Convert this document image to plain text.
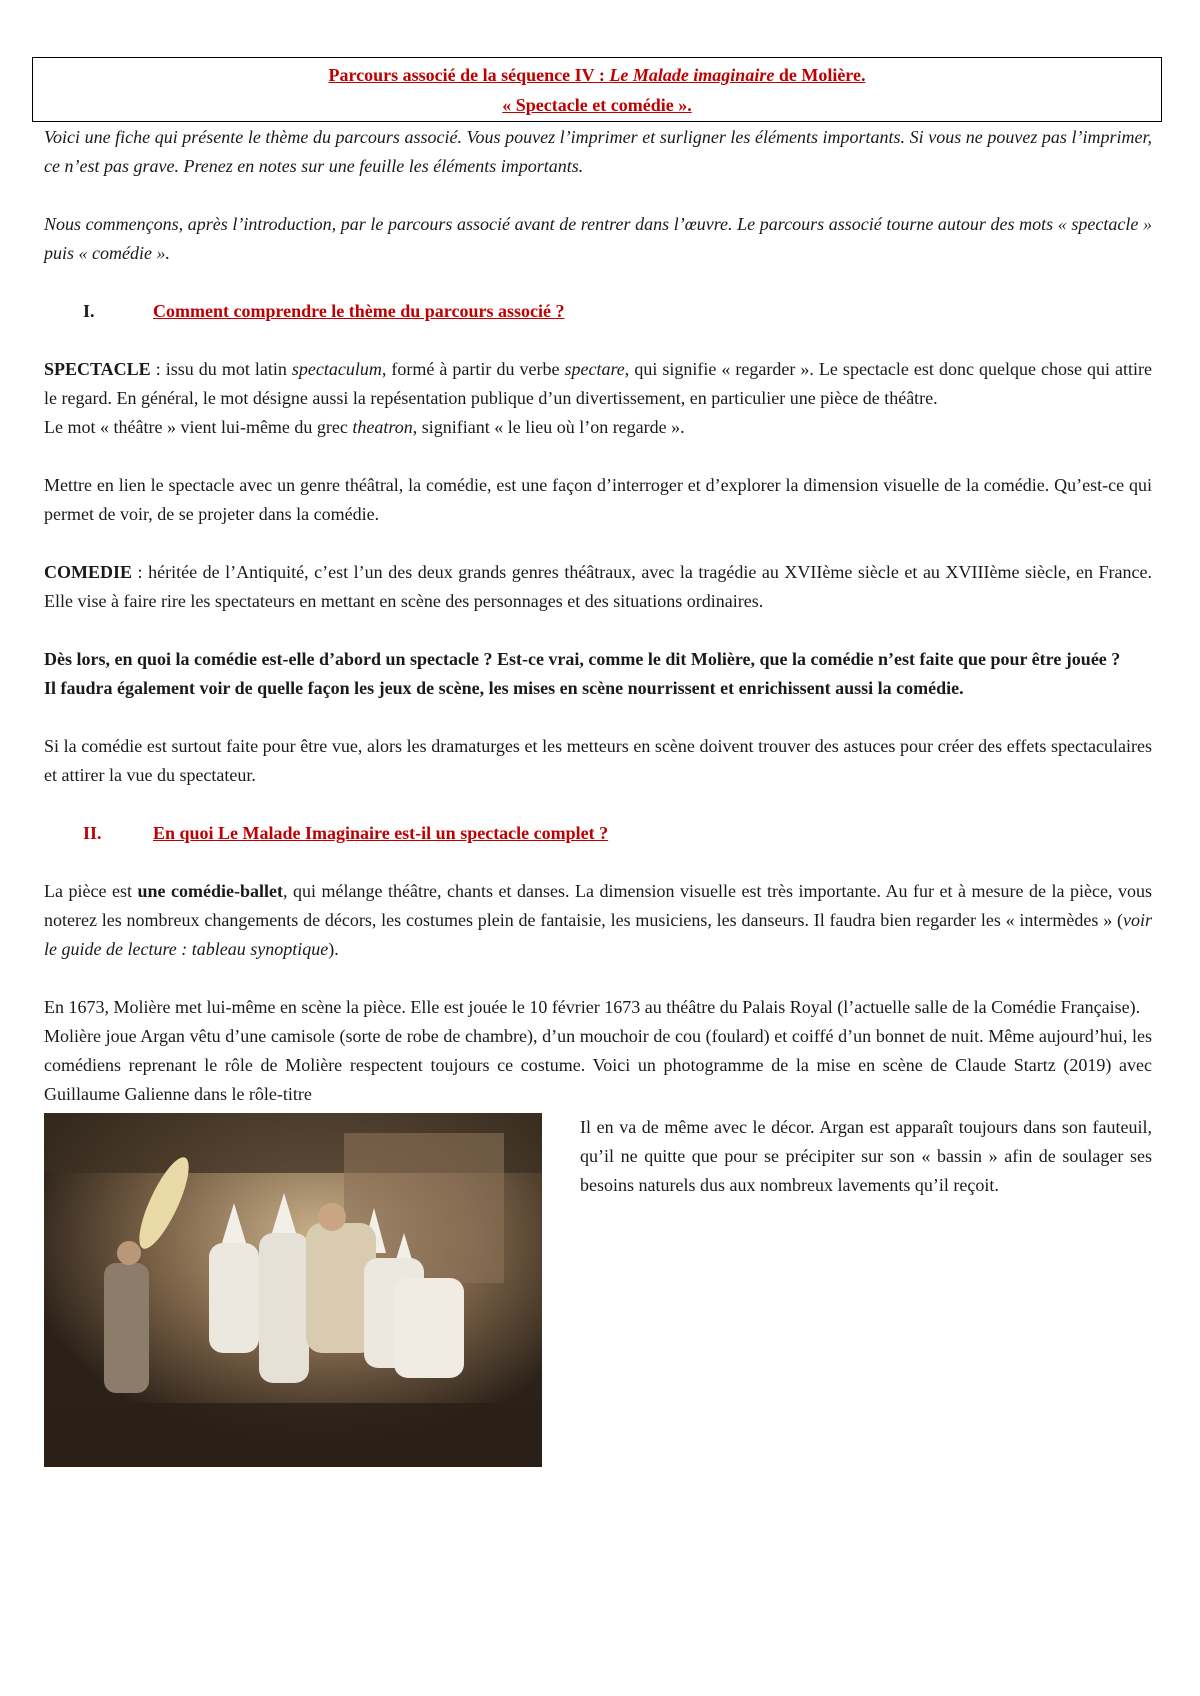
Parcours associé de la séquence IV : Le Malade imaginaire de Molière.
« Spectacle et comédie ».

Voici une fiche qui présente le thème du parcours associé. Vous pouvez l’imprimer et surligner les éléments importants. Si vous ne pouvez pas l’imprimer, ce n’est pas grave. Prenez en notes sur une feuille les éléments importants.

Nous commençons, après l’introduction, par le parcours associé avant de rentrer dans l’œuvre. Le parcours associé tourne autour des mots « spectacle » puis « comédie ».

I.	Comment comprendre le thème du parcours associé ?

SPECTACLE : issu du mot latin spectaculum, formé à partir du verbe spectare, qui signifie « regarder ». Le spectacle est donc quelque chose qui attire le regard. En général, le mot désigne aussi la repésentation publique d’un divertissement, en particulier une pièce de théâtre.

Le mot « théâtre » vient lui-même du grec theatron, signifiant « le lieu où l’on regarde ».

Mettre en lien le spectacle avec un genre théâtral, la comédie, est une façon d’interroger et d’explorer la dimension visuelle de la comédie. Qu’est-ce qui permet de voir, de se projeter dans la comédie.

COMEDIE : héritée de l’Antiquité, c’est l’un des deux grands genres théâtraux, avec la tragédie au XVIIème siècle et au XVIIIème siècle, en France. Elle vise à faire rire les spectateurs en mettant en scène des personnages et des situations ordinaires.

Dès lors, en quoi la comédie est-elle d’abord un spectacle ? Est-ce vrai, comme le dit Molière, que la comédie n’est faite que pour être jouée ?

Il faudra également voir de quelle façon les jeux de scène, les mises en scène nourrissent et enrichissent aussi la comédie.

Si la comédie est surtout faite pour être vue, alors les dramaturges et les metteurs en scène doivent trouver des astuces pour créer des effets spectaculaires et attirer la vue du spectateur.

II.	En quoi Le Malade Imaginaire est-il un spectacle complet ?

La pièce est une comédie-ballet, qui mélange théâtre, chants et danses. La dimension visuelle est très importante. Au fur et à mesure de la pièce, vous noterez les nombreux changements de décors, les costumes plein de fantaisie, les musiciens, les danseurs. Il faudra bien regarder les « intermèdes » (voir le guide de lecture : tableau synoptique).

En 1673, Molière met lui-même en scène la pièce. Elle est jouée le 10 février 1673 au théâtre du Palais Royal (l’actuelle salle de la Comédie Française).

Molière joue Argan vêtu d’une camisole (sorte de robe de chambre), d’un mouchoir de cou (foulard) et coiffé d’un bonnet de nuit. Même aujourd’hui, les comédiens reprenant le rôle de Molière respectent toujours ce costume. Voici un photogramme de la mise en scène de Claude Startz (2019) avec Guillaume Galienne dans le rôle-titre

Il en va de même avec le décor. Argan est apparaît toujours dans son fauteuil, qu’il ne quitte que pour se précipiter sur son « bassin » afin de soulager ses besoins naturels dus aux nombreux lavements qu’il reçoit.
